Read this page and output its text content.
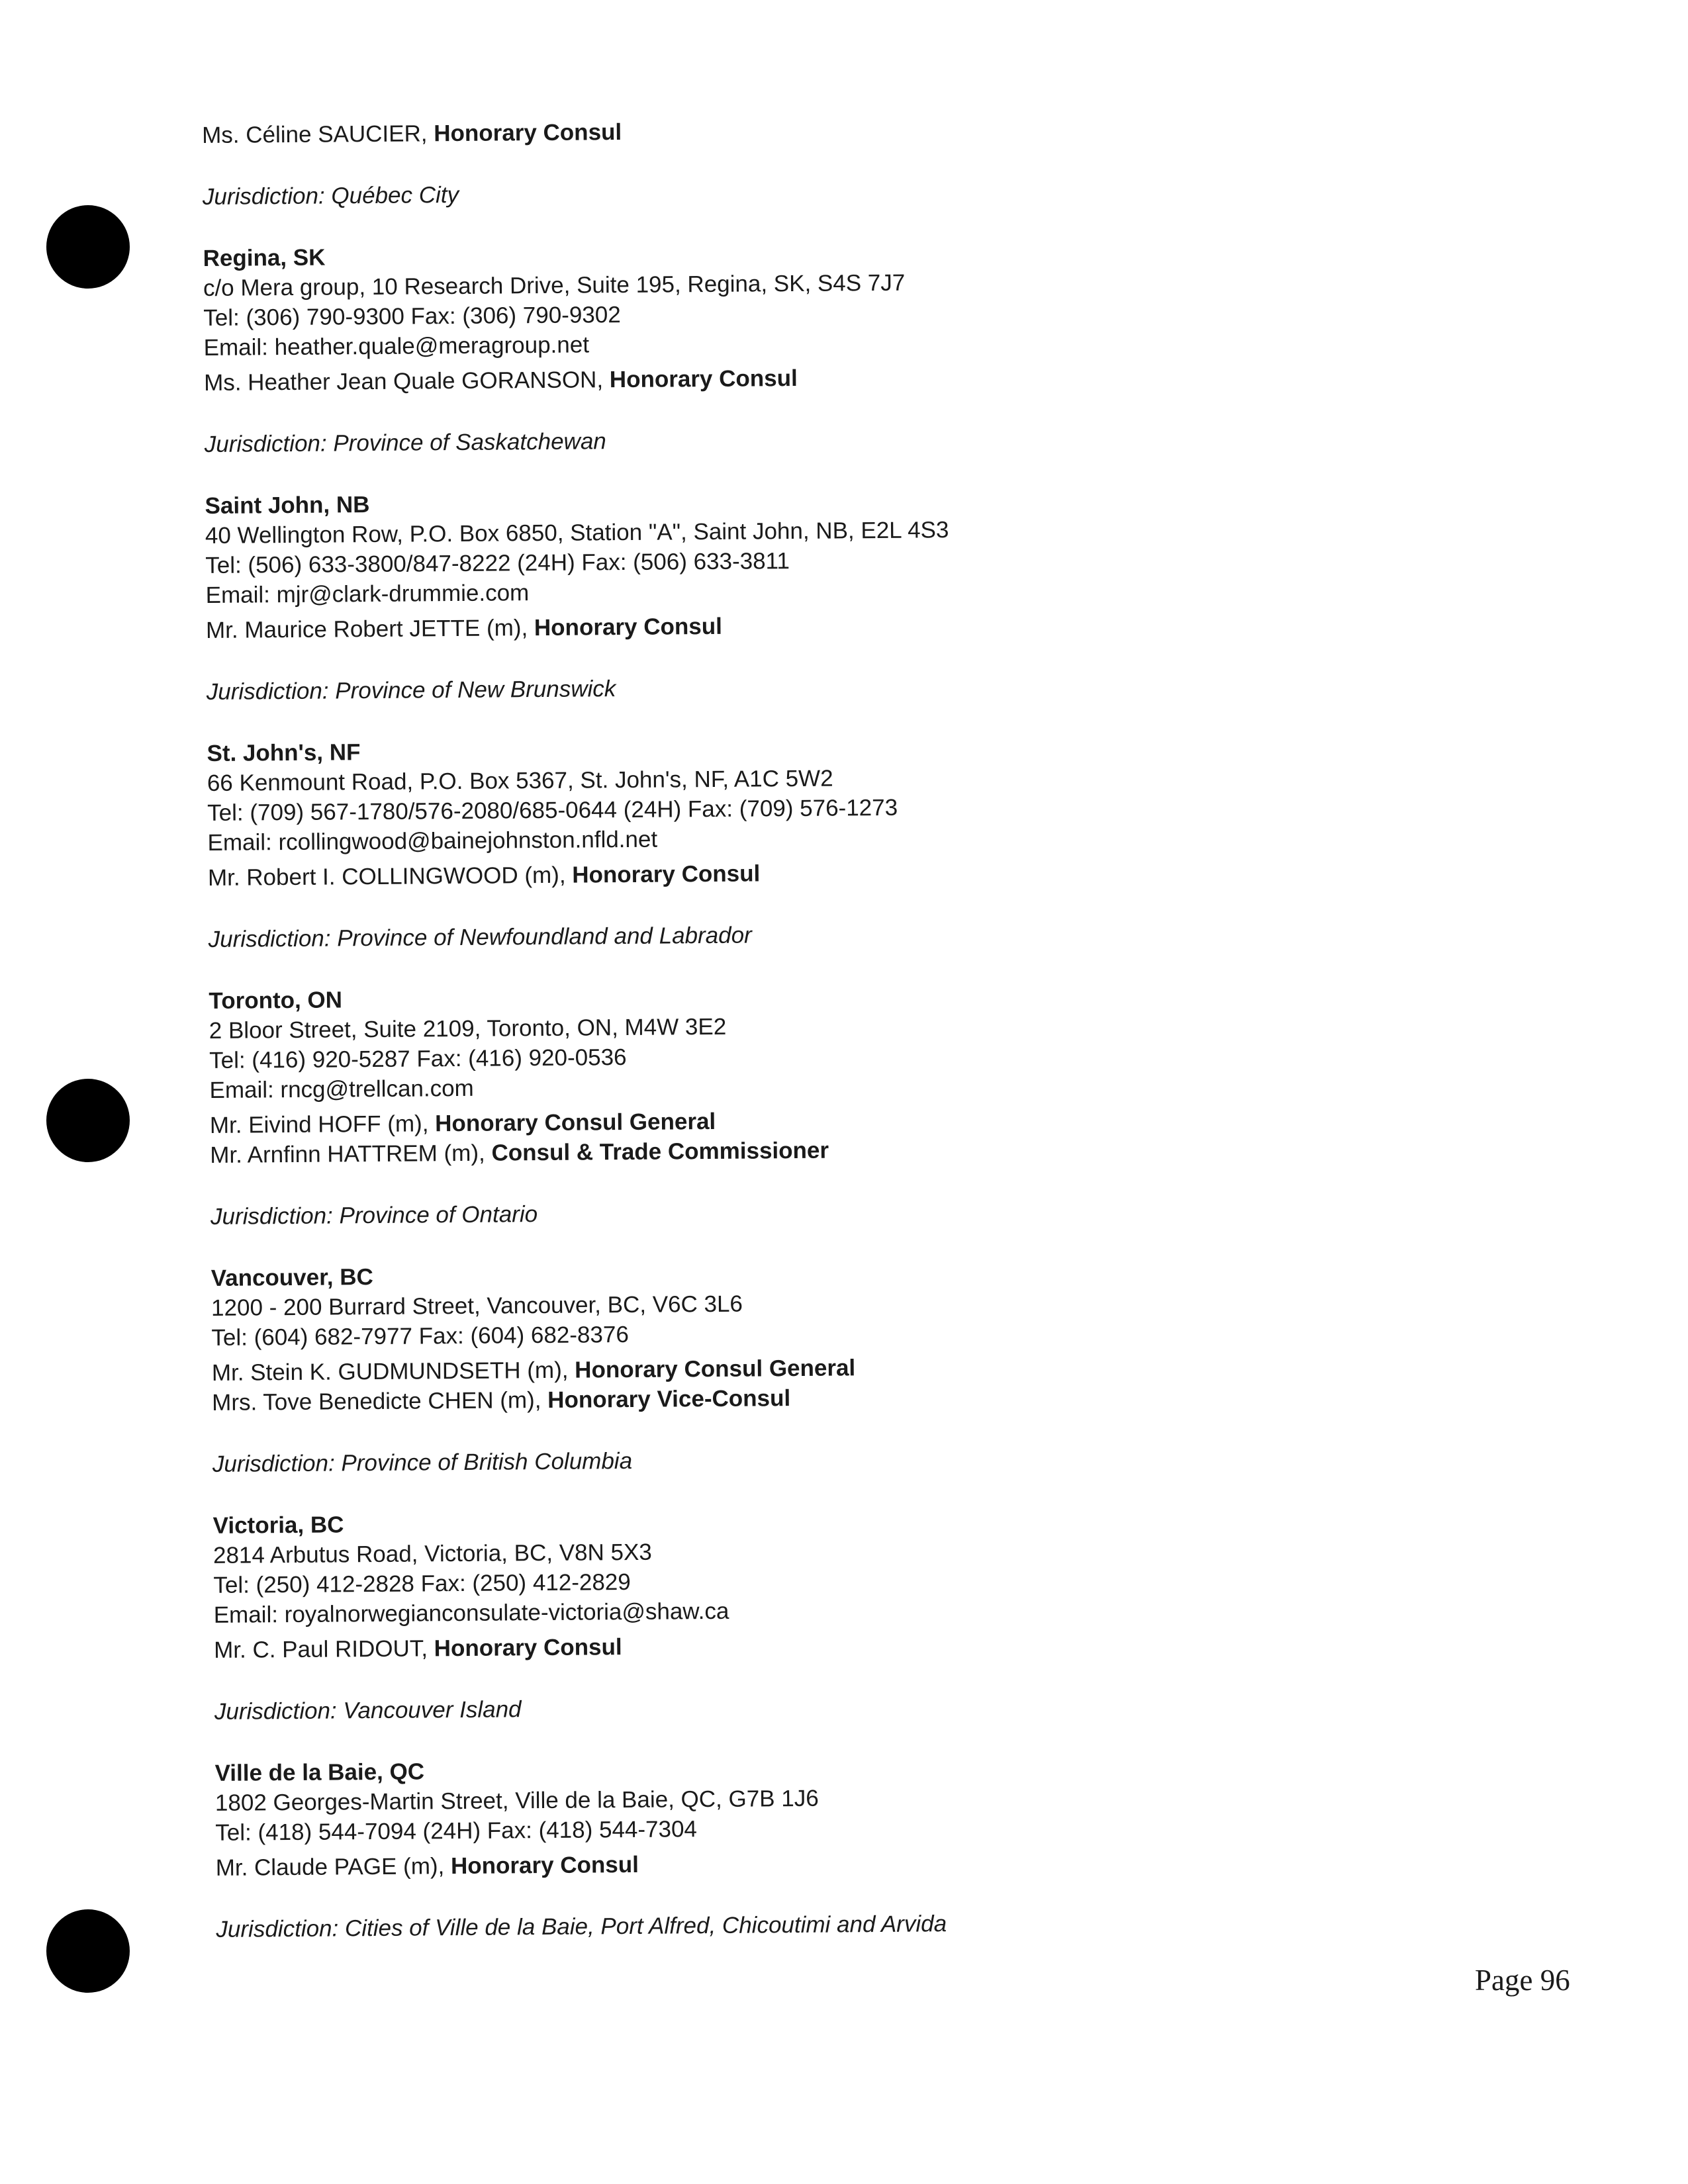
Ms. Céline SAUCIER, Honorary Consul
Jurisdiction: Québec City
Regina, SK
c/o Mera group, 10 Research Drive, Suite 195, Regina, SK, S4S 7J7
Tel: (306) 790-9300 Fax: (306) 790-9302
Email: heather.quale@meragroup.net
Ms. Heather Jean Quale GORANSON, Honorary Consul
Jurisdiction: Province of Saskatchewan
Saint John, NB
40 Wellington Row, P.O. Box 6850, Station "A", Saint John, NB, E2L 4S3
Tel: (506) 633-3800/847-8222 (24H) Fax: (506) 633-3811
Email: mjr@clark-drummie.com
Mr. Maurice Robert JETTE (m), Honorary Consul
Jurisdiction: Province of New Brunswick
St. John's, NF
66 Kenmount Road, P.O. Box 5367, St. John's, NF, A1C 5W2
Tel: (709) 567-1780/576-2080/685-0644 (24H) Fax: (709) 576-1273
Email: rcollingwood@bainejohnston.nfld.net
Mr. Robert I. COLLINGWOOD (m), Honorary Consul
Jurisdiction: Province of Newfoundland and Labrador
Toronto, ON
2 Bloor Street, Suite 2109, Toronto, ON, M4W 3E2
Tel: (416) 920-5287 Fax: (416) 920-0536
Email: rncg@trellcan.com
Mr. Eivind HOFF (m), Honorary Consul General
Mr. Arnfinn HATTREM (m), Consul & Trade Commissioner
Jurisdiction: Province of Ontario
Vancouver, BC
1200 - 200 Burrard Street, Vancouver, BC, V6C 3L6
Tel: (604) 682-7977 Fax: (604) 682-8376
Mr. Stein K. GUDMUNDSETH (m), Honorary Consul General
Mrs. Tove Benedicte CHEN (m), Honorary Vice-Consul
Jurisdiction: Province of British Columbia
Victoria, BC
2814 Arbutus Road, Victoria, BC, V8N 5X3
Tel: (250) 412-2828 Fax: (250) 412-2829
Email: royalnorwegianconsulate-victoria@shaw.ca
Mr. C. Paul RIDOUT, Honorary Consul
Jurisdiction: Vancouver Island
Ville de la Baie, QC
1802 Georges-Martin Street, Ville de la Baie, QC, G7B 1J6
Tel: (418) 544-7094 (24H) Fax: (418) 544-7304
Mr. Claude PAGE (m), Honorary Consul
Jurisdiction: Cities of Ville de la Baie, Port Alfred, Chicoutimi and Arvida
Page 96
